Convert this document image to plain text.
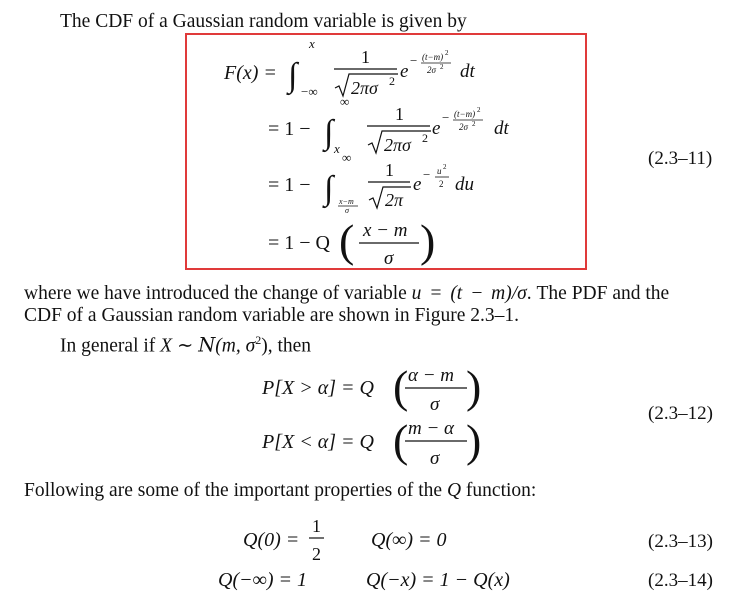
The CDF of a Gaussian random variable is given by
F(x) = ∫
x
−∞
1
2πσ 2 e
− (t−m) 2
2σ 2 dt
= 1 − ∫
∞
x
1
2πσ 2 e
− (t−m) 2
2σ 2 dt
= 1 − ∫
∞
x−m
σ
1
2π
e − u 2
2 du
= 1 − Q ( x − m
σ )
(2.3–11)
where we have introduced the change of variable u = (t − m)/σ. The PDF and the
CDF of a Gaussian random variable are shown in Figure 2.3–1.
In general if X ∼ N(m, $\sigma^2$), then
P[X > α] = Q ( α − m
σ )
P[X < α] = Q ( m − α
σ )
(2.3–12)
Following are some of the important properties of the Q function:
Q(0) =
1
2
Q(∞) = 0	(2.3–13)
Q(−∞) = 1	Q(−x) = 1 − Q(x)	(2.3–14)
